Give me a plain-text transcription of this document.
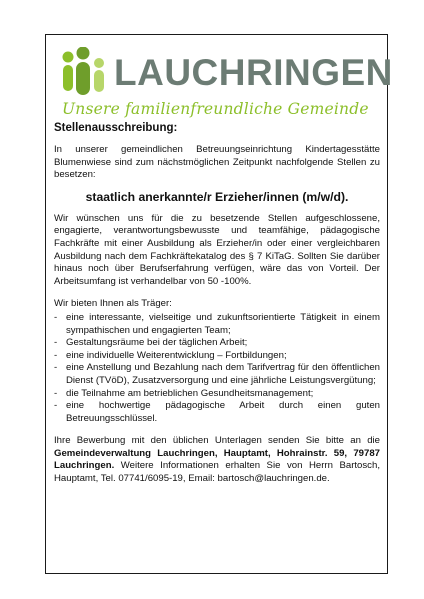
LAUCHRINGEN
Unsere familienfreundliche Gemeinde
Stellenausschreibung:

In unserer gemeindlichen Betreuungseinrichtung Kindertagesstätte Blumenwiese sind zum nächstmöglichen Zeitpunkt nachfolgende Stellen zu besetzen:

staatlich anerkannte/r Erzieher/innen (m/w/d).

Wir wünschen uns für die zu besetzende Stellen aufgeschlossene, engagierte, verantwortungsbewusste und teamfähige, pädagogische Fachkräfte mit einer Ausbildung als Erzieher/in oder einer vergleichbaren Ausbildung nach dem Fachkräftekatalog des § 7 KiTaG. Sollten Sie darüber hinaus noch über Berufserfahrung verfügen, wäre das von Vorteil. Der Arbeitsumfang ist verhandelbar von 50 -100%.

Wir bieten Ihnen als Träger:

- eine interessante, vielseitige und zukunftsorientierte Tätigkeit in einem sympathischen und engagierten Team;
- Gestaltungsräume bei der täglichen Arbeit;
- eine individuelle Weiterentwicklung – Fortbildungen;
- eine Anstellung und Bezahlung nach dem Tarifvertrag für den öffentlichen Dienst (TVöD), Zusatzversorgung und eine jährliche Leistungsvergütung;
- die Teilnahme am betrieblichen Gesundheitsmanagement;
- eine hochwertige pädagogische Arbeit durch einen guten Betreuungsschlüssel.

Ihre Bewerbung mit den üblichen Unterlagen senden Sie bitte an die Gemeindeverwaltung Lauchringen, Hauptamt, Hohrainstr. 59, 79787 Lauchringen. Weitere Informationen erhalten Sie von Herrn Bartosch, Hauptamt, Tel. 07741/6095-19, Email: bartosch@lauchringen.de.
